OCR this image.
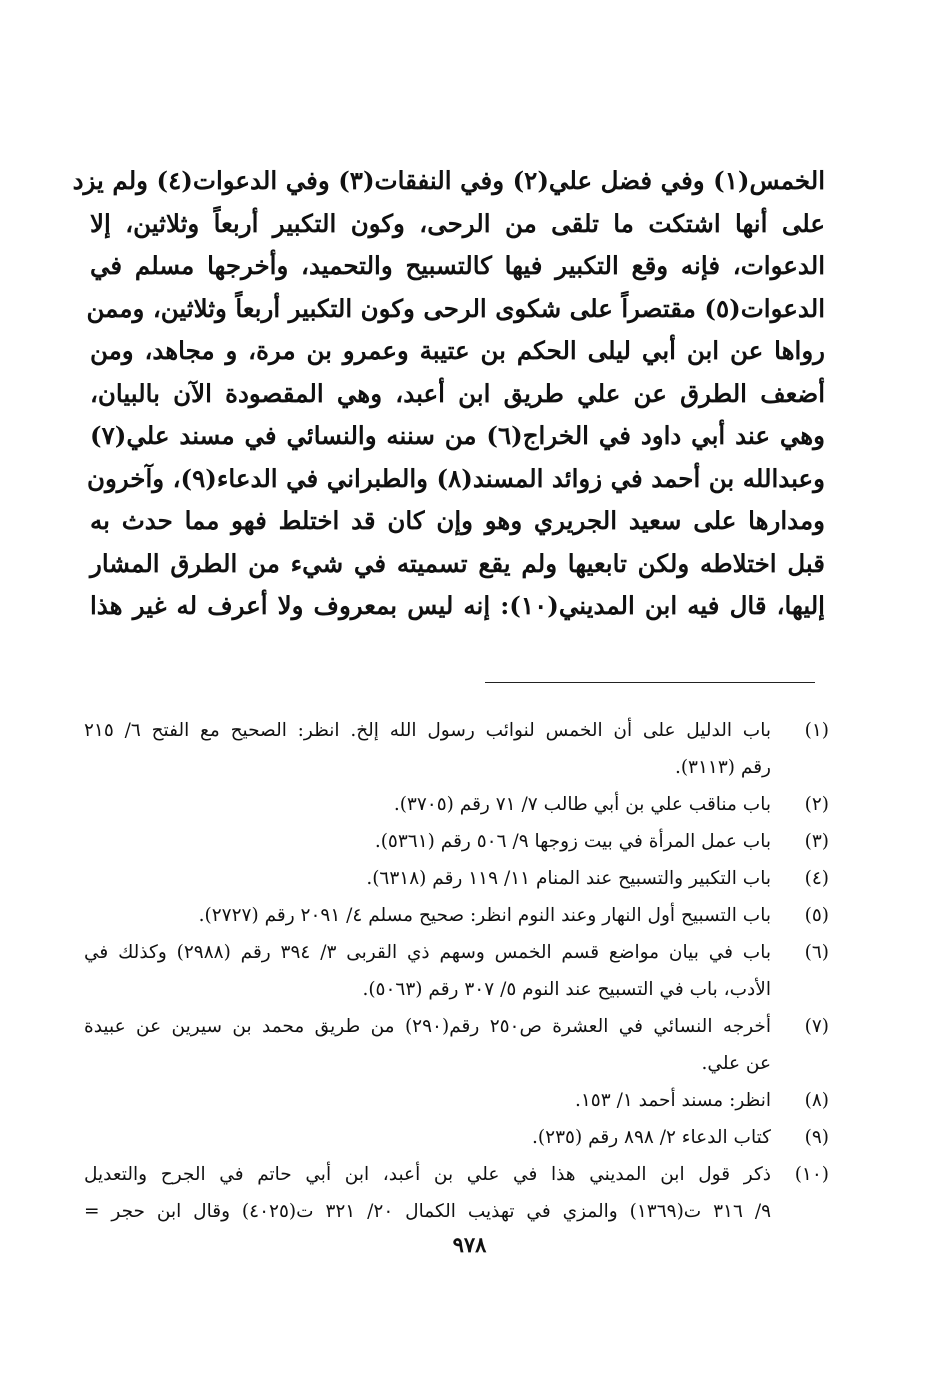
الخمس(١) وفي فضل علي(٢) وفي النفقات(٣) وفي الدعوات(٤) ولم يزد
على أنها اشتكت ما تلقى من الرحى، وكون التكبير أربعاً وثلاثين، إلا
الدعوات، فإنه وقع التكبير فيها كالتسبيح والتحميد، وأخرجها مسلم في
الدعوات(٥) مقتصراً على شكوى الرحى وكون التكبير أربعاً وثلاثين، وممن
رواها عن ابن أبي ليلى الحكم بن عتيبة وعمرو بن مرة، و مجاهد، ومن
أضعف الطرق عن علي طريق ابن أعبد، وهي المقصودة الآن بالبيان،
وهي عند أبي داود في الخراج(٦) من سننه والنسائي في مسند علي(٧)
وعبدالله بن أحمد في زوائد المسند(٨) والطبراني في الدعاء(٩)، وآخرون
ومدارها على سعيد الجريري وهو وإن كان قد اختلط فهو مما حدث به
قبل اختلاطه ولكن تابعيها ولم يقع تسميته في شيء من الطرق المشار
إليها، قال فيه ابن المديني(١٠): إنه ليس بمعروف ولا أعرف له غير هذا
(١)
باب الدليل على أن الخمس لنوائب رسول الله إلخ. انظر: الصحيح مع الفتح ٦/ ٢١٥
رقم (٣١١٣).
(٢)
باب مناقب علي بن أبي طالب ٧/ ٧١ رقم (٣٧٠٥).
(٣)
باب عمل المرأة في بيت زوجها ٩/ ٥٠٦ رقم (٥٣٦١).
(٤)
باب التكبير والتسبيح عند المنام ١١/ ١١٩ رقم (٦٣١٨).
(٥)
باب التسبيح أول النهار وعند النوم انظر: صحيح مسلم ٤/ ٢٠٩١ رقم (٢٧٢٧).
(٦)
باب في بيان مواضع قسم الخمس وسهم ذي القربى ٣/ ٣٩٤ رقم (٢٩٨٨) وكذلك في
الأدب، باب في التسبيح عند النوم ٥/ ٣٠٧ رقم (٥٠٦٣).
(٧)
أخرجه النسائي في العشرة ص٢٥٠ رقم(٢٩٠) من طريق محمد بن سيرين عن عبيدة
عن علي.
(٨)
انظر: مسند أحمد ١/ ١٥٣.
(٩)
كتاب الدعاء ٢/ ٨٩٨ رقم (٢٣٥).
(١٠)
ذكر قول ابن المديني هذا في علي بن أعبد، ابن أبي حاتم في الجرح والتعديل
٩/ ٣١٦ ت(١٣٦٩) والمزي في تهذيب الكمال ٢٠/ ٣٢١ ت(٤٠٢٥) وقال ابن حجر =
٩٧٨
